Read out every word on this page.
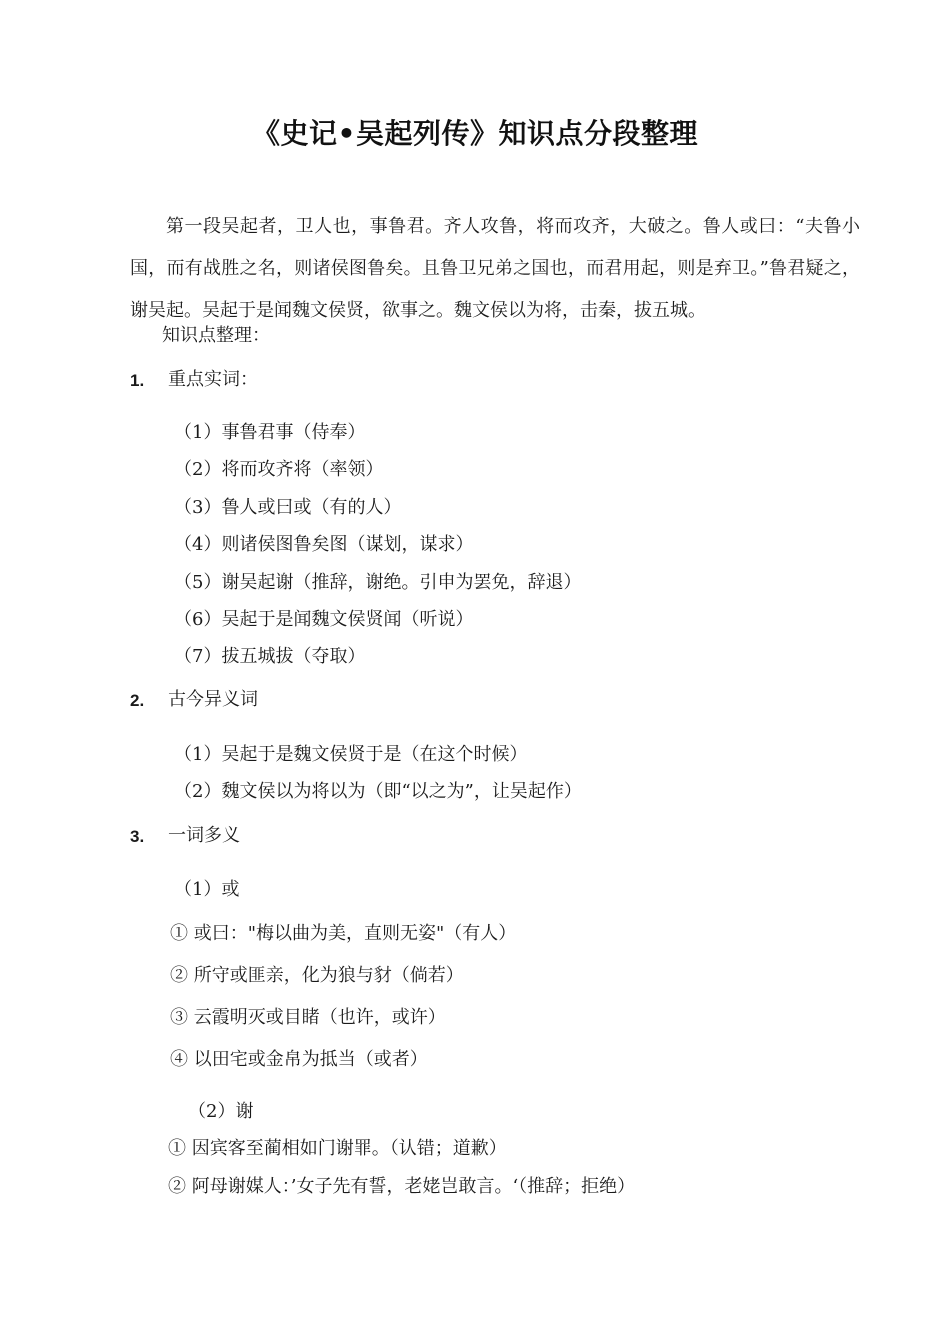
《史记•吴起列传》知识点分段整理

第一段吴起者，卫人也，事鲁君。齐人攻鲁，将而攻齐，大破之。鲁人或曰：“夫鲁小国，而有战胜之名，则诸侯图鲁矣。且鲁卫兄弟之国也，而君用起，则是弃卫。”鲁君疑之，谢吴起。吴起于是闻魏文侯贤，欲事之。魏文侯以为将，击秦，拔五城。

知识点整理：
1. 重点实词：
（1）事鲁君事（侍奉）
（2）将而攻齐将（率领）
（3）鲁人或曰或（有的人）
（4）则诸侯图鲁矣图（谋划，谋求）
（5）谢吴起谢（推辞，谢绝。引申为罢免，辞退）
（6）吴起于是闻魏文侯贤闻（听说）
（7）拔五城拔（夺取）
2. 古今异义词
（1）吴起于是魏文侯贤于是（在这个时候）
（2）魏文侯以为将以为（即“以之为”，让吴起作）
3. 一词多义
（1）或
① 或曰："梅以曲为美，直则无姿"（有人）
② 所守或匪亲，化为狼与豺（倘若）
③ 云霞明灭或目睹（也许，或许）
④ 以田宅或金帛为抵当（或者）
（2）谢
① 因宾客至蔺相如门谢罪。（认错；道歉）
② 阿母谢媒人：’女子先有誓，老姥岂敢言。‘（推辞；拒绝）
